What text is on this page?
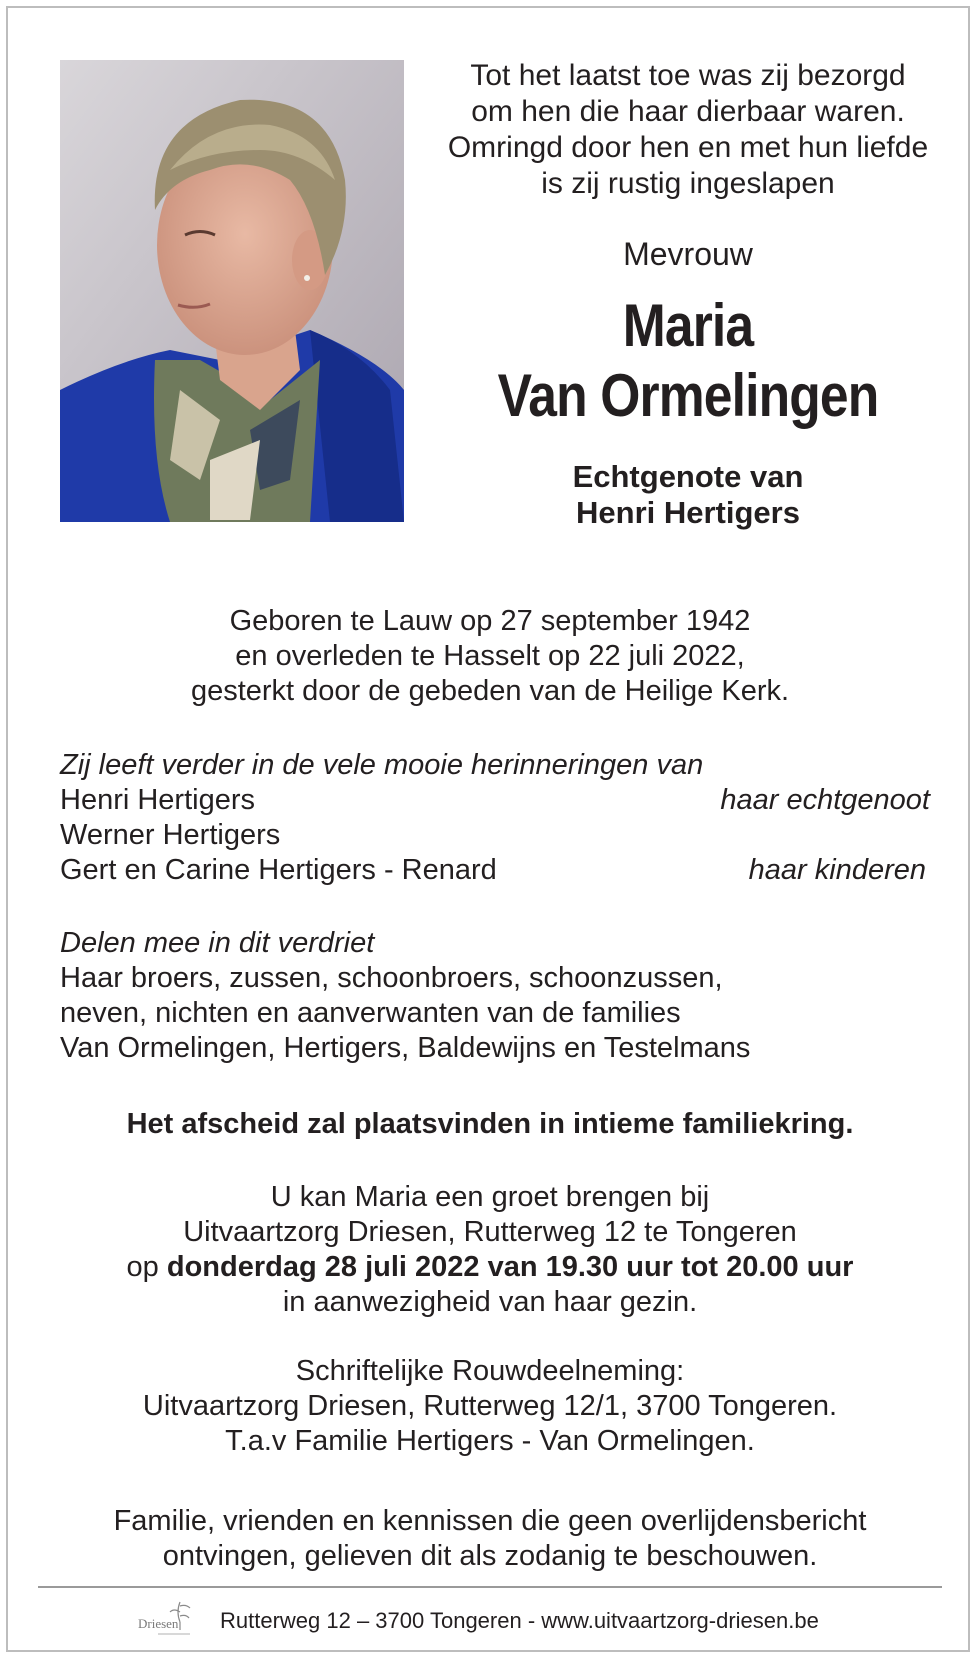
Tot het laatst toe was zij bezorgd
om hen die haar dierbaar waren.
Omringd door hen en met hun liefde
is zij rustig ingeslapen
Mevrouw
Maria
Van Ormelingen
Echtgenote van
Henri Hertigers
Geboren te Lauw op 27 september 1942
en overleden te Hasselt op 22 juli 2022,
gesterkt door de gebeden van de Heilige Kerk.
Zij leeft verder in de vele mooie herinneringen van
Henri Hertigers	haar echtgenoot
Werner Hertigers
Gert en Carine Hertigers - Renard	haar kinderen
Delen mee in dit verdriet
Haar broers, zussen, schoonbroers, schoonzussen,
neven, nichten en aanverwanten van de families
Van Ormelingen, Hertigers, Baldewijns en Testelmans
Het afscheid zal plaatsvinden in intieme familiekring.
U kan Maria een groet brengen bij
Uitvaartzorg Driesen, Rutterweg 12 te Tongeren
op donderdag 28 juli 2022 van 19.30 uur tot 20.00 uur
in aanwezigheid van haar gezin.
Schriftelijke Rouwdeelneming:
Uitvaartzorg Driesen, Rutterweg 12/1, 3700 Tongeren.
T.a.v Familie Hertigers - Van Ormelingen.
Familie, vrienden en kennissen die geen overlijdensbericht
ontvingen, gelieven dit als zodanig te beschouwen.
Driesen Rutterweg 12 – 3700 Tongeren - www.uitvaartzorg-driesen.be
